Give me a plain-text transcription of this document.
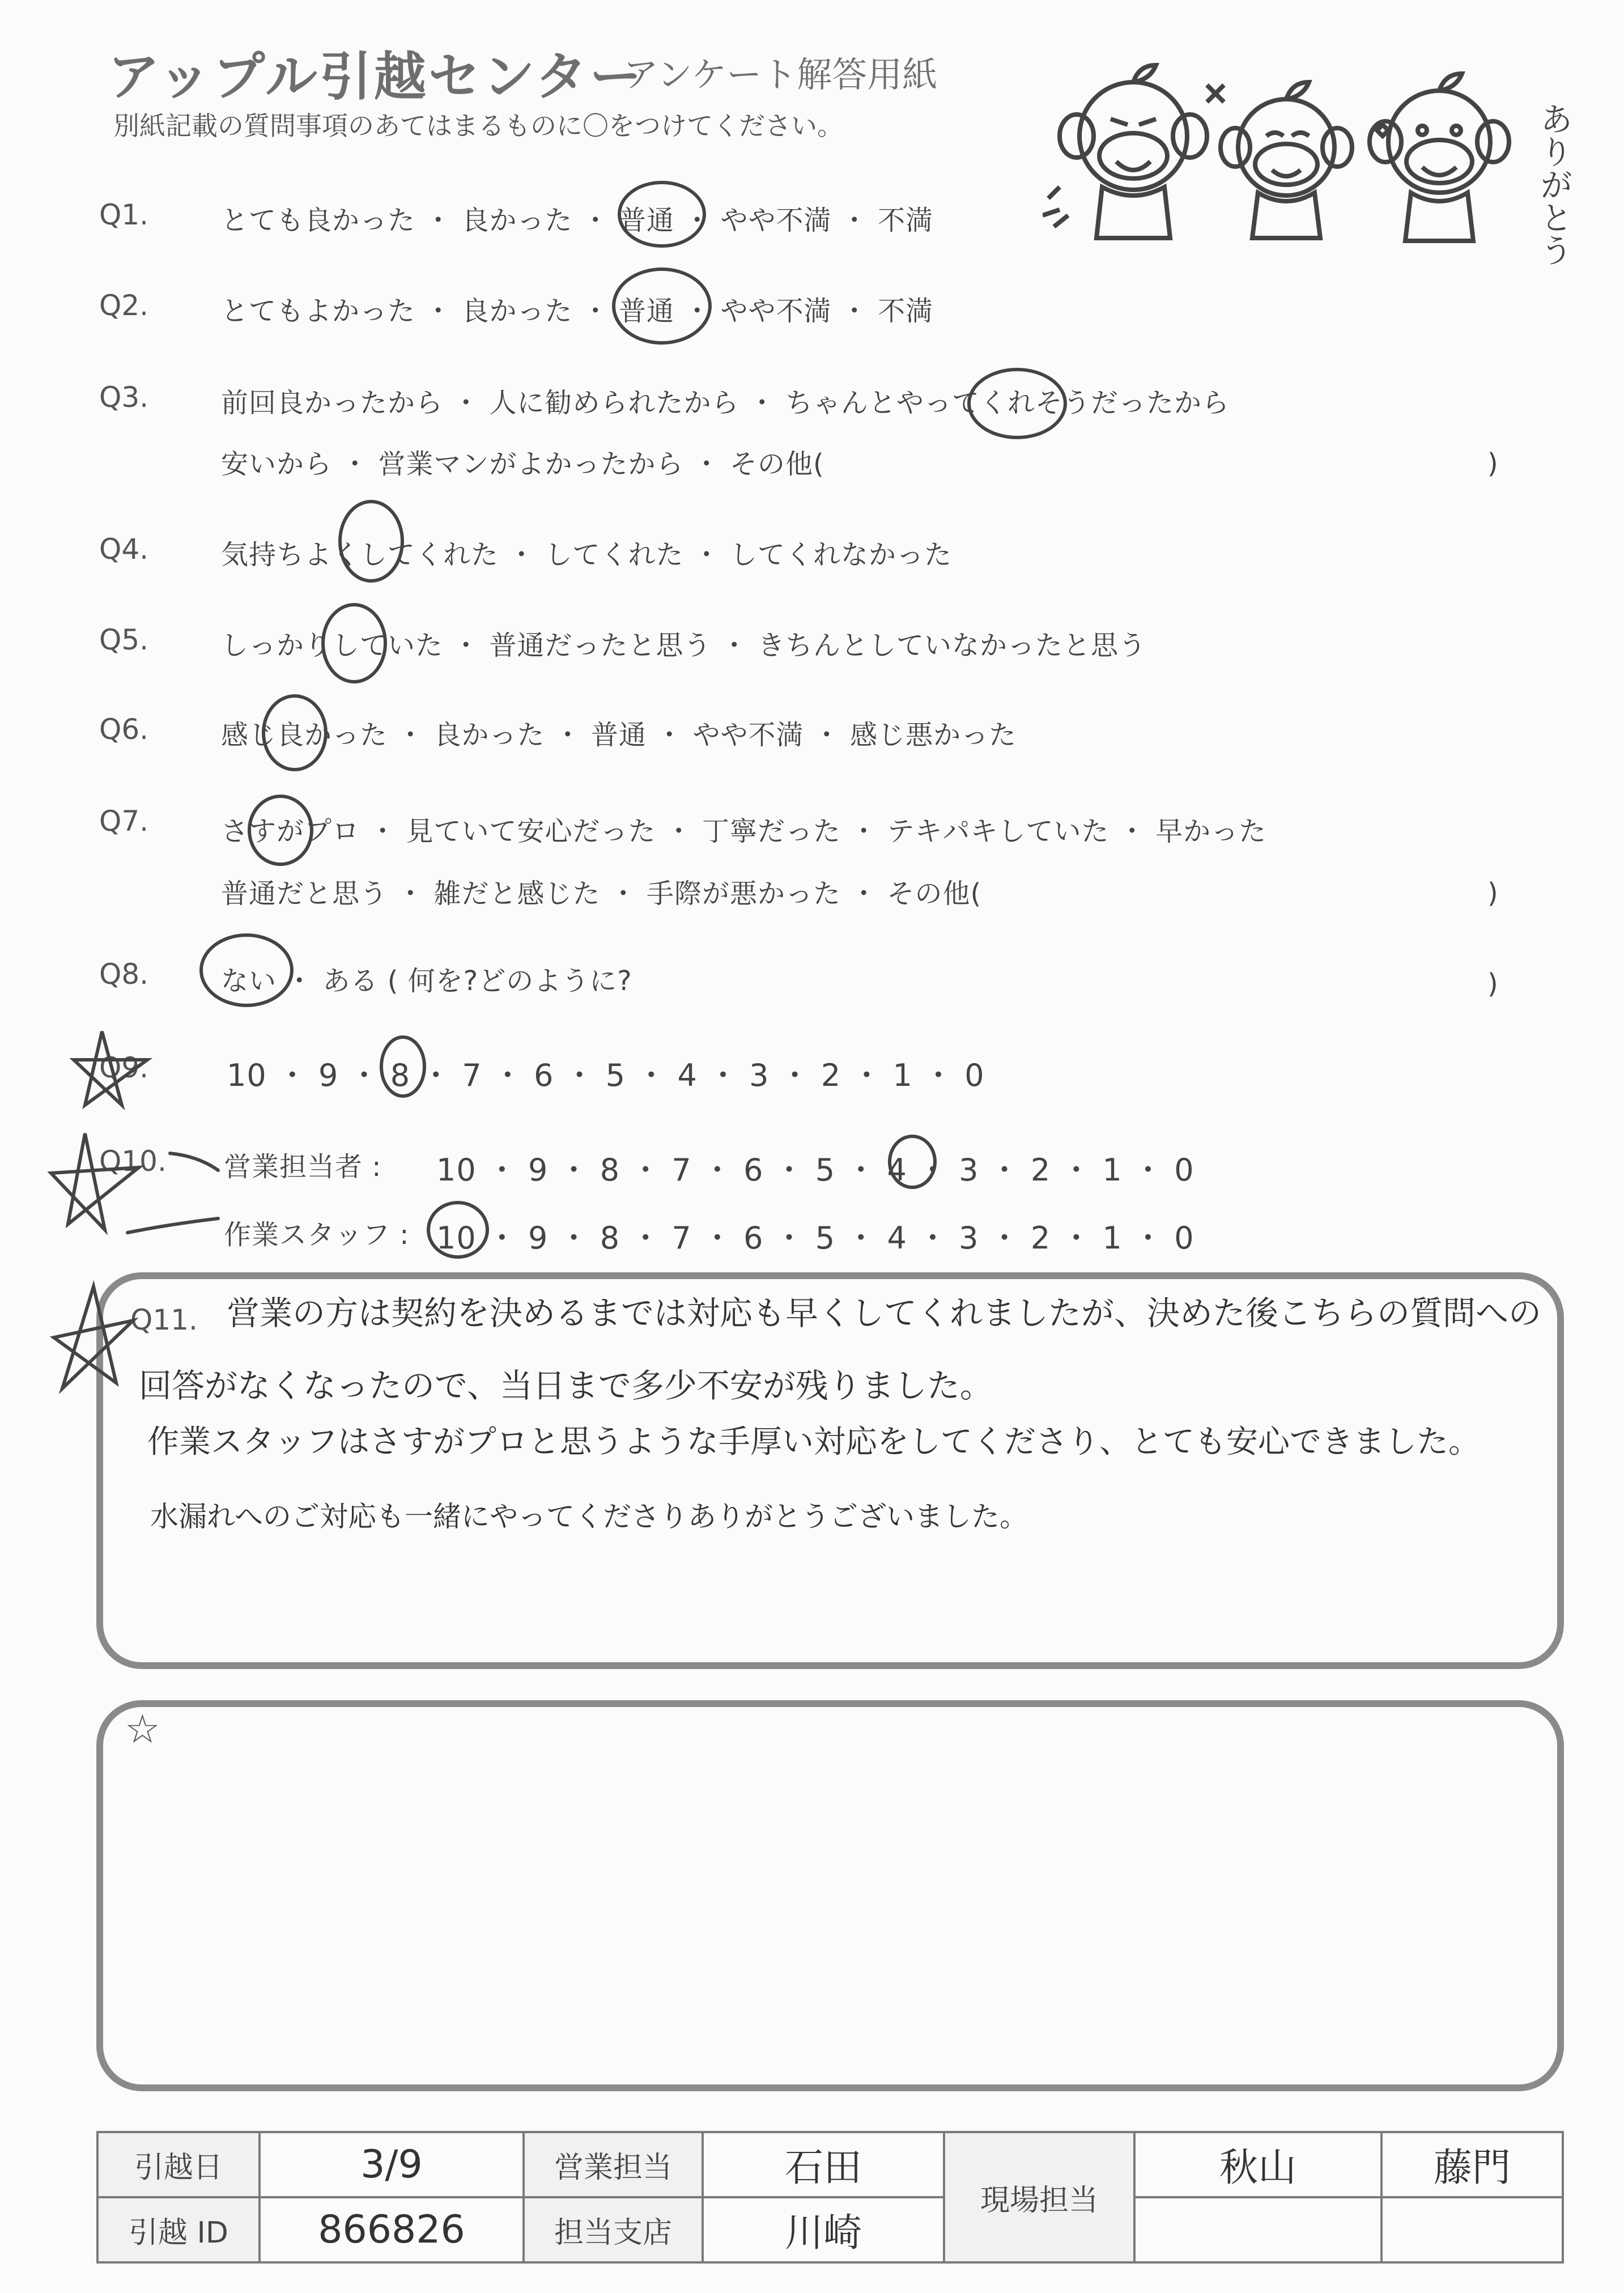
アップル引越センター
アンケート解答用紙
別紙記載の質問事項のあてはまるものに〇をつけてください。	ありがとう
Q1.	とても良かった ・ 良かった ・ 普通 ・ やや不満 ・ 不満
Q2.	とてもよかった ・ 良かった ・ 普通 ・ やや不満 ・ 不満
Q3.	前回良かったから ・ 人に勧められたから ・ ちゃんとやってくれそうだったから
安いから ・ 営業マンがよかったから ・ その他(	)
Q4.	気持ちよくしてくれた ・ してくれた ・ してくれなかった
Q5.	しっかりしていた ・ 普通だったと思う ・ きちんとしていなかったと思う
Q6.	感じ良かった ・ 良かった ・ 普通 ・ やや不満 ・ 感じ悪かった
Q7.	さすがプロ ・ 見ていて安心だった ・ 丁寧だった ・ テキパキしていた ・ 早かった
普通だと思う ・ 雑だと感じた ・ 手際が悪かった ・ その他(	)
Q8.	ない ・ ある ( 何を?どのように?	)
Q9.	10 ・ 9 ・ 8 ・ 7 ・ 6 ・ 5 ・ 4 ・ 3 ・ 2 ・ 1 ・ 0
Q10. 営業担当者 : 10 ・ 9 ・ 8 ・ 7 ・ 6 ・ 5 ・ 4 ・ 3 ・ 2 ・ 1 ・ 0
作業スタッフ : 10 ・ 9 ・ 8 ・ 7 ・ 6 ・ 5 ・ 4 ・ 3 ・ 2 ・ 1 ・ 0
Q11. 営業の方は契約を決めるまでは対応も早くしてくれましたが、決めた後こちらの質問への
回答がなくなったので、当日まで多少不安が残りました。
作業スタッフはさすがプロと思うような手厚い対応をしてくださり、とても安心できました。
水漏れへのご対応も一緒にやってくださりありがとうございました。
☆
引越日	3/9	営業担当	石田	現場担当	秋山	藤門
引越 ID	866826	担当支店	川崎			
